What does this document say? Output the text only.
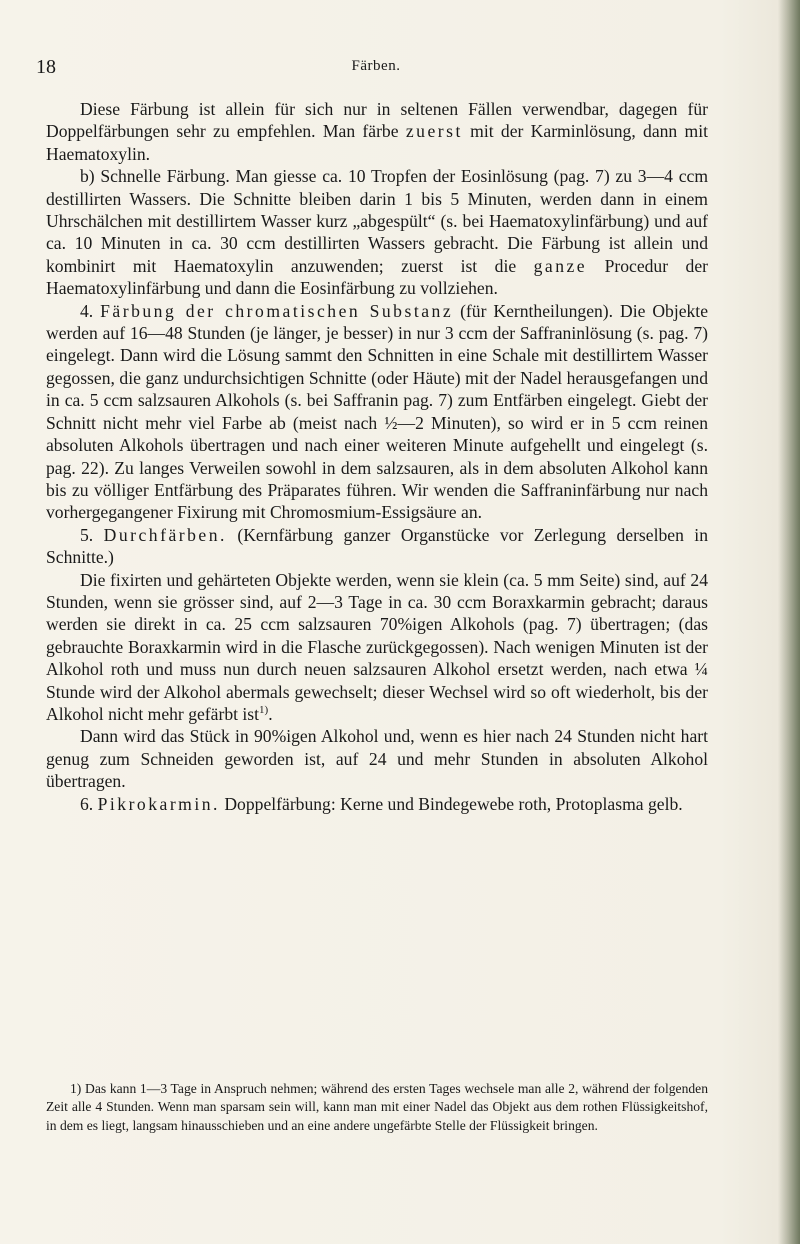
18	Färben.

Diese Färbung ist allein für sich nur in seltenen Fällen verwendbar, dagegen für Doppelfärbungen sehr zu empfehlen. Man färbe zuerst mit der Karminlösung, dann mit Haematoxylin.

b) Schnelle Färbung. Man giesse ca. 10 Tropfen der Eosinlösung (pag. 7) zu 3—4 ccm destillirten Wassers. Die Schnitte bleiben darin 1 bis 5 Minuten, werden dann in einem Uhrschälchen mit destillirtem Wasser kurz „abgespült“ (s. bei Haematoxylinfärbung) und auf ca. 10 Minuten in ca. 30 ccm destillirten Wassers gebracht. Die Färbung ist allein und kombinirt mit Haematoxylin anzuwenden; zuerst ist die ganze Procedur der Haematoxylinfärbung und dann die Eosinfärbung zu vollziehen.

4. Färbung der chromatischen Substanz (für Kerntheilungen). Die Objekte werden auf 16—48 Stunden (je länger, je besser) in nur 3 ccm der Saffraninlösung (s. pag. 7) eingelegt. Dann wird die Lösung sammt den Schnitten in eine Schale mit destillirtem Wasser gegossen, die ganz undurchsichtigen Schnitte (oder Häute) mit der Nadel herausgefangen und in ca. 5 ccm salzsauren Alkohols (s. bei Saffranin pag. 7) zum Entfärben eingelegt. Giebt der Schnitt nicht mehr viel Farbe ab (meist nach ½—2 Minuten), so wird er in 5 ccm reinen absoluten Alkohols übertragen und nach einer weiteren Minute aufgehellt und eingelegt (s. pag. 22). Zu langes Verweilen sowohl in dem salzsauren, als in dem absoluten Alkohol kann bis zu völliger Entfärbung des Präparates führen. Wir wenden die Saffraninfärbung nur nach vorhergegangener Fixirung mit Chromosmium-Essigsäure an.

5. Durchfärben. (Kernfärbung ganzer Organstücke vor Zerlegung derselben in Schnitte.)

Die fixirten und gehärteten Objekte werden, wenn sie klein (ca. 5 mm Seite) sind, auf 24 Stunden, wenn sie grösser sind, auf 2—3 Tage in ca. 30 ccm Boraxkarmin gebracht; daraus werden sie direkt in ca. 25 ccm salzsauren 70%igen Alkohols (pag. 7) übertragen; (das gebrauchte Boraxkarmin wird in die Flasche zurückgegossen). Nach wenigen Minuten ist der Alkohol roth und muss nun durch neuen salzsauren Alkohol ersetzt werden, nach etwa ¼ Stunde wird der Alkohol abermals gewechselt; dieser Wechsel wird so oft wiederholt, bis der Alkohol nicht mehr gefärbt ist$^{1)}$.

Dann wird das Stück in 90%igen Alkohol und, wenn es hier nach 24 Stunden nicht hart genug zum Schneiden geworden ist, auf 24 und mehr Stunden in absoluten Alkohol übertragen.

6. Pikrokarmin. Doppelfärbung: Kerne und Bindegewebe roth, Protoplasma gelb.

1) Das kann 1—3 Tage in Anspruch nehmen; während des ersten Tages wechsele man alle 2, während der folgenden Zeit alle 4 Stunden. Wenn man sparsam sein will, kann man mit einer Nadel das Objekt aus dem rothen Flüssigkeitshof, in dem es liegt, langsam hinausschieben und an eine andere ungefärbte Stelle der Flüssigkeit bringen.
